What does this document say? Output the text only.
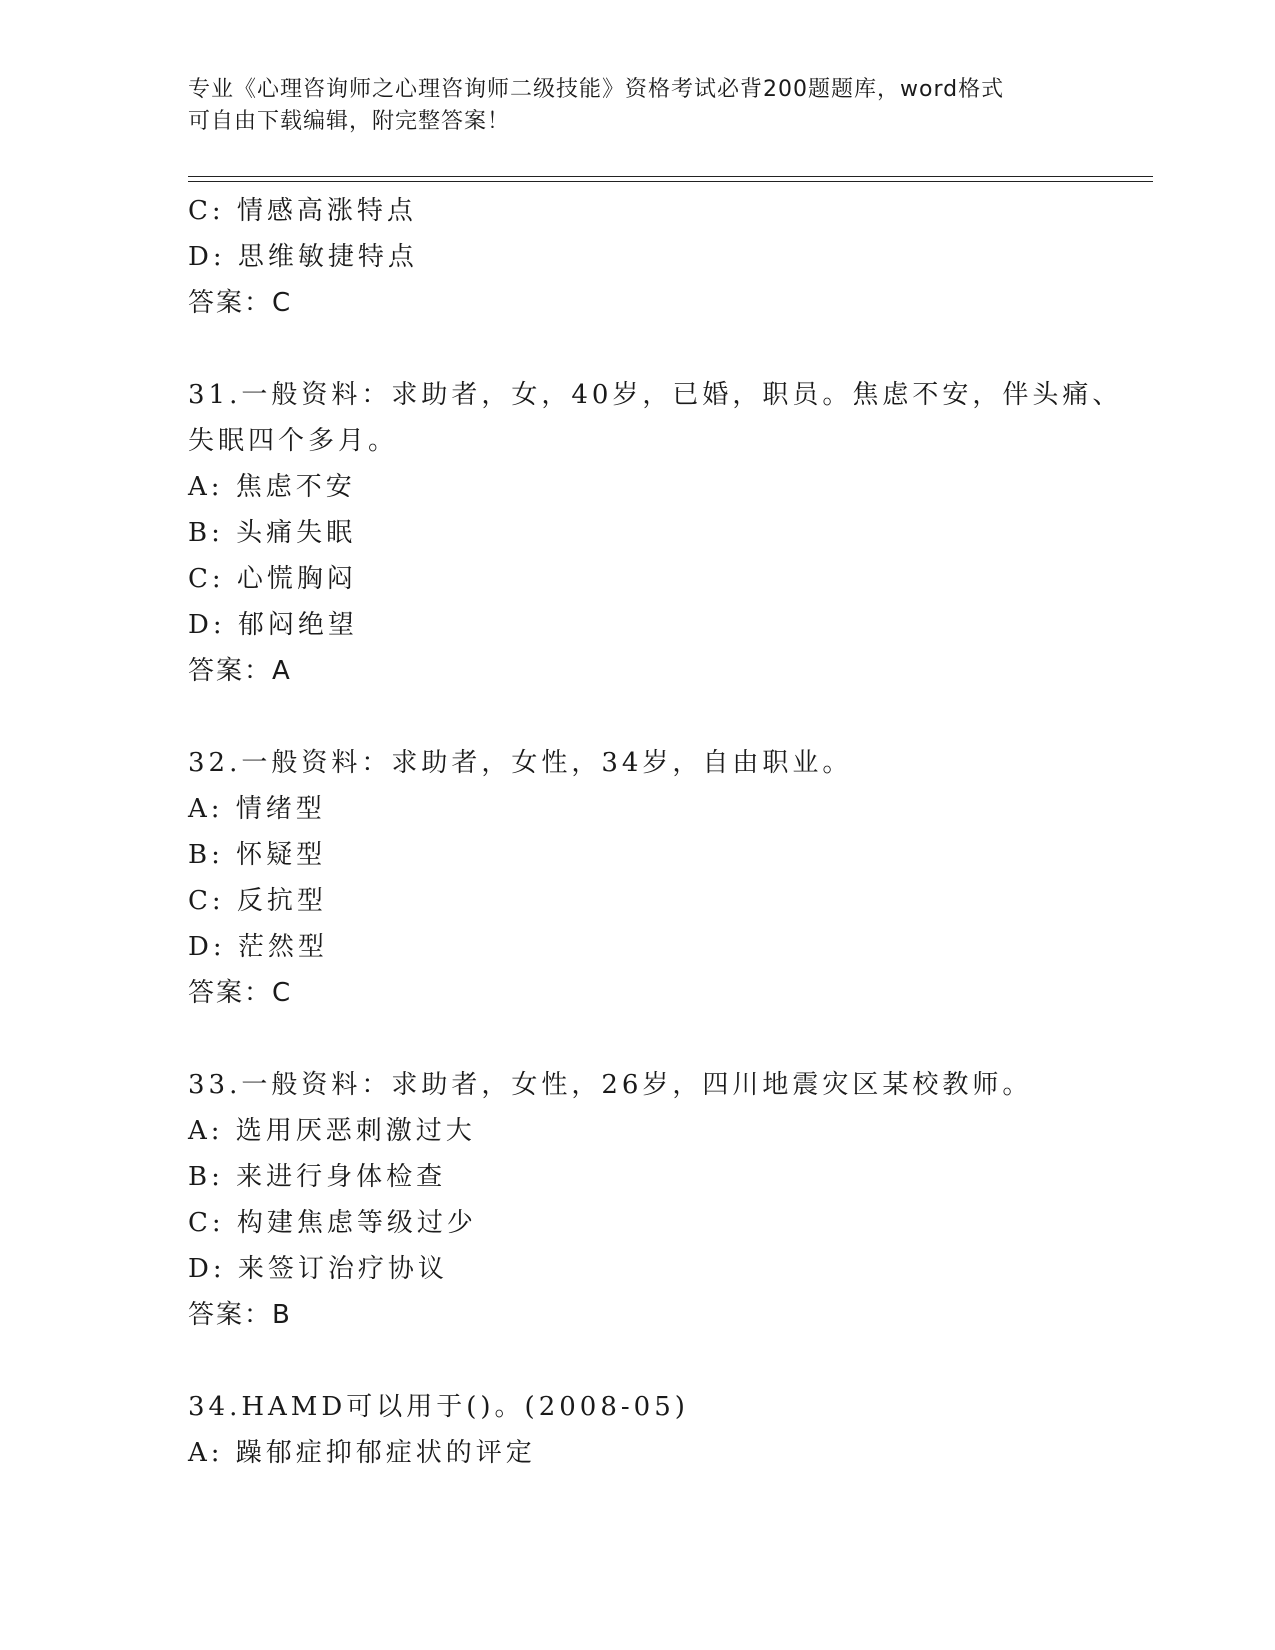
专业《心理咨询师之心理咨询师二级技能》资格考试必背200题题库，word格式
可自由下载编辑，附完整答案！
C: 情感高涨特点
D: 思维敏捷特点
答案：C
31.一般资料：求助者，女，40岁，已婚，职员。焦虑不安，伴头痛、
失眠四个多月。
A: 焦虑不安
B: 头痛失眠
C: 心慌胸闷
D: 郁闷绝望
答案：A
32.一般资料：求助者，女性，34岁，自由职业。
A: 情绪型
B: 怀疑型
C: 反抗型
D: 茫然型
答案：C
33.一般资料：求助者，女性，26岁，四川地震灾区某校教师。
A: 选用厌恶刺激过大
B: 来进行身体检查
C: 构建焦虑等级过少
D: 来签订治疗协议
答案：B
34.HAMD可以用于()。(2008-05)
A: 躁郁症抑郁症状的评定
